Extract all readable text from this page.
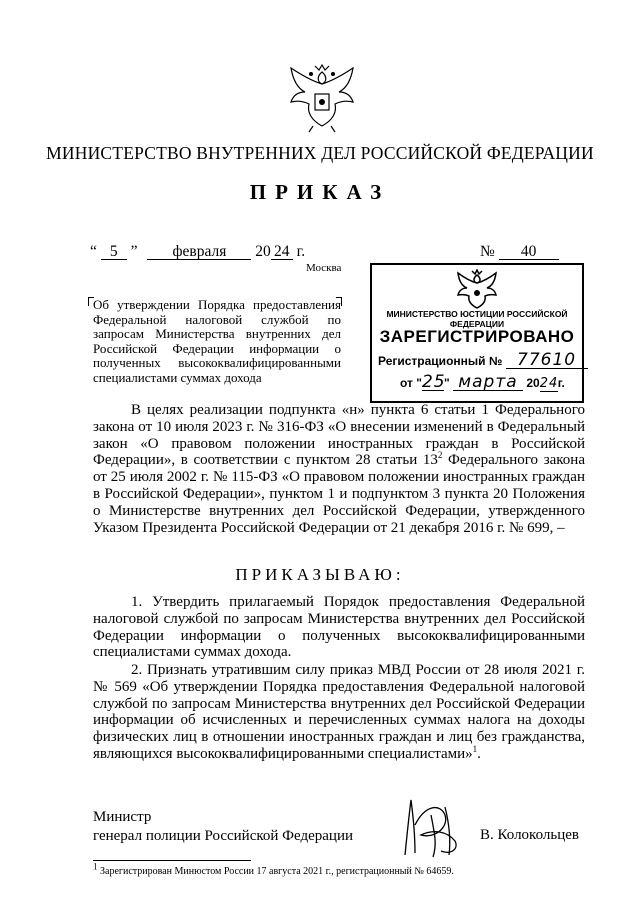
МИНИСТЕРСТВО ВНУТРЕННИХ ДЕЛ РОССИЙСКОЙ ФЕДЕРАЦИИ
ПРИКАЗ
“ 5 ” февраля 20 24 г.	№ 40
Москва
МИНИСТЕРСТВО ЮСТИЦИИ РОССИЙСКОЙ ФЕДЕРАЦИИ
ЗАРЕГИСТРИРОВАНО
Регистрационный № 77610
от "25" марта 2024г.
Об утверждении Порядка предоставления Федеральной налоговой службой по запросам Министерства внутренних дел Российской Федерации информации о полученных высококвалифицированными специалистами суммах дохода
В целях реализации подпункта «н» пункта 6 статьи 1 Федерального закона от 10 июля 2023 г. № 316-ФЗ «О внесении изменений в Федеральный закон «О правовом положении иностранных граждан в Российской Федерации», в соответствии с пунктом 28 статьи $13^2$ Федерального закона от 25 июля 2002 г. № 115-ФЗ «О правовом положении иностранных граждан в Российской Федерации», пунктом 1 и подпунктом 3 пункта 20 Положения о Министерстве внутренних дел Российской Федерации, утвержденного Указом Президента Российской Федерации от 21 декабря 2016 г. № 699, –
ПРИКАЗЫВАЮ:
1. Утвердить прилагаемый Порядок предоставления Федеральной налоговой службой по запросам Министерства внутренних дел Российской Федерации информации о полученных высококвалифицированными специалистами суммах дохода.
2. Признать утратившим силу приказ МВД России от 28 июля 2021 г. № 569 «Об утверждении Порядка предоставления Федеральной налоговой службой по запросам Министерства внутренних дел Российской Федерации информации об исчисленных и перечисленных суммах налога на доходы физических лиц в отношении иностранных граждан и лиц без гражданства, являющихся высококвалифицированными специалистами»$^1$.
Министр
генерал полиции Российской Федерации	В. Колокольцев
$^1$ Зарегистрирован Минюстом России 17 августа 2021 г., регистрационный № 64659.
